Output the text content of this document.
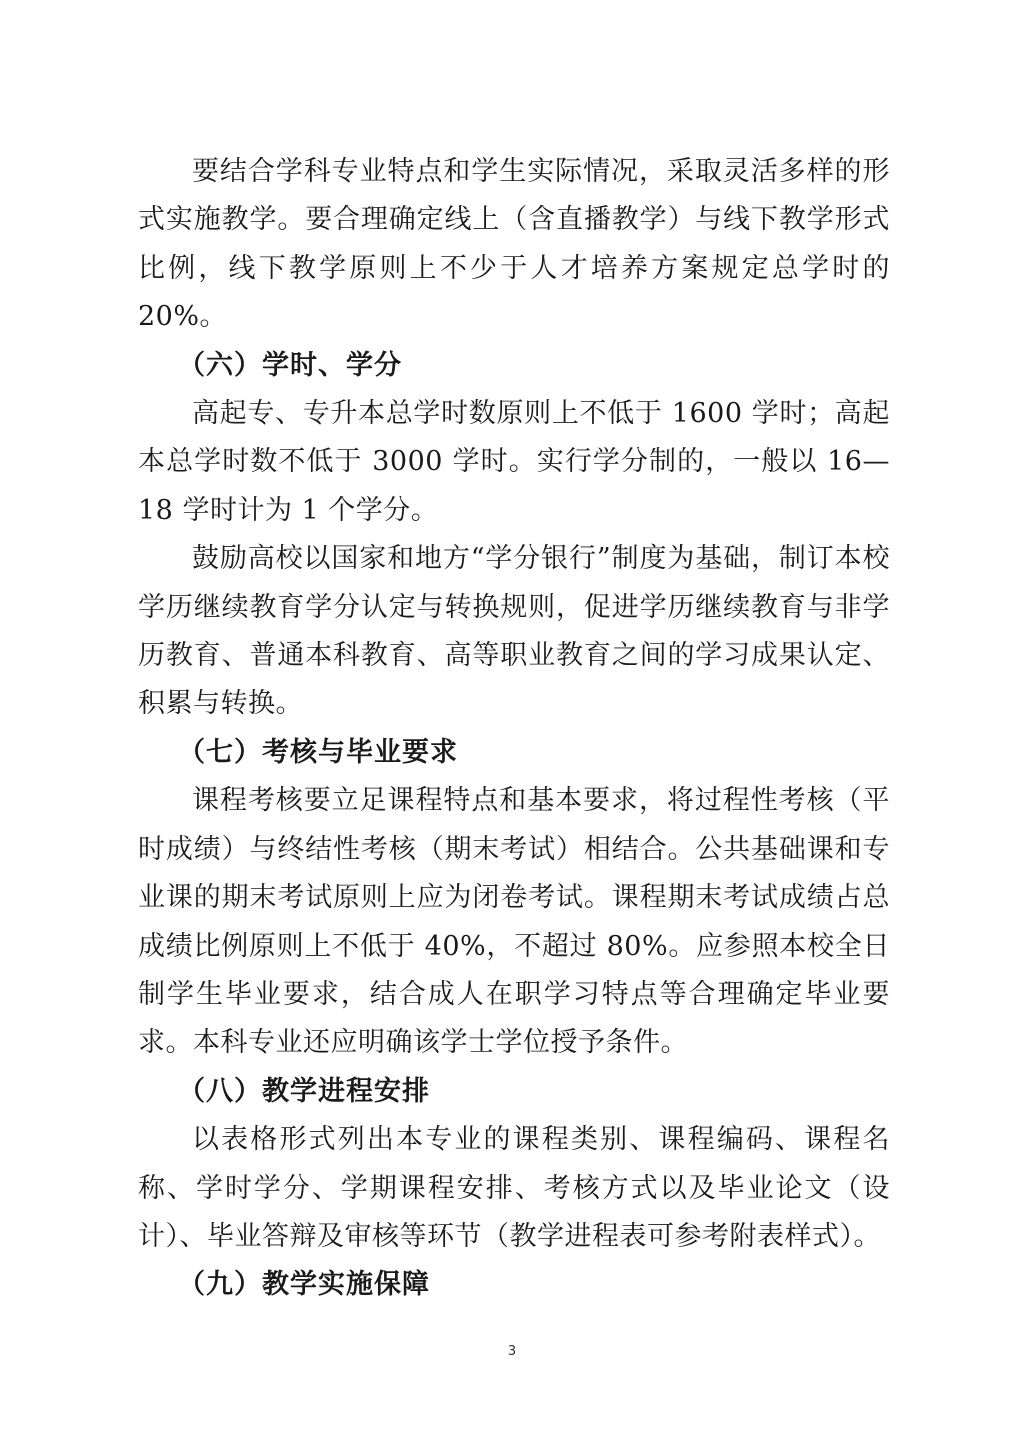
要结合学科专业特点和学生实际情况，采取灵活多样的形式实施教学。要合理确定线上（含直播教学）与线下教学形式比例，线下教学原则上不少于人才培养方案规定总学时的20%。

（六）学时、学分

高起专、专升本总学时数原则上不低于 1600 学时；高起本总学时数不低于 3000 学时。实行学分制的，一般以 16—18 学时计为 1 个学分。

鼓励高校以国家和地方“学分银行”制度为基础，制订本校学历继续教育学分认定与转换规则，促进学历继续教育与非学历教育、普通本科教育、高等职业教育之间的学习成果认定、积累与转换。

（七）考核与毕业要求

课程考核要立足课程特点和基本要求，将过程性考核（平时成绩）与终结性考核（期末考试）相结合。公共基础课和专业课的期末考试原则上应为闭卷考试。课程期末考试成绩占总成绩比例原则上不低于 40%，不超过 80%。应参照本校全日制学生毕业要求，结合成人在职学习特点等合理确定毕业要求。本科专业还应明确该学士学位授予条件。

（八）教学进程安排

以表格形式列出本专业的课程类别、课程编码、课程名称、学时学分、学期课程安排、考核方式以及毕业论文（设计）、毕业答辩及审核等环节（教学进程表可参考附表样式）。

（九）教学实施保障

3
